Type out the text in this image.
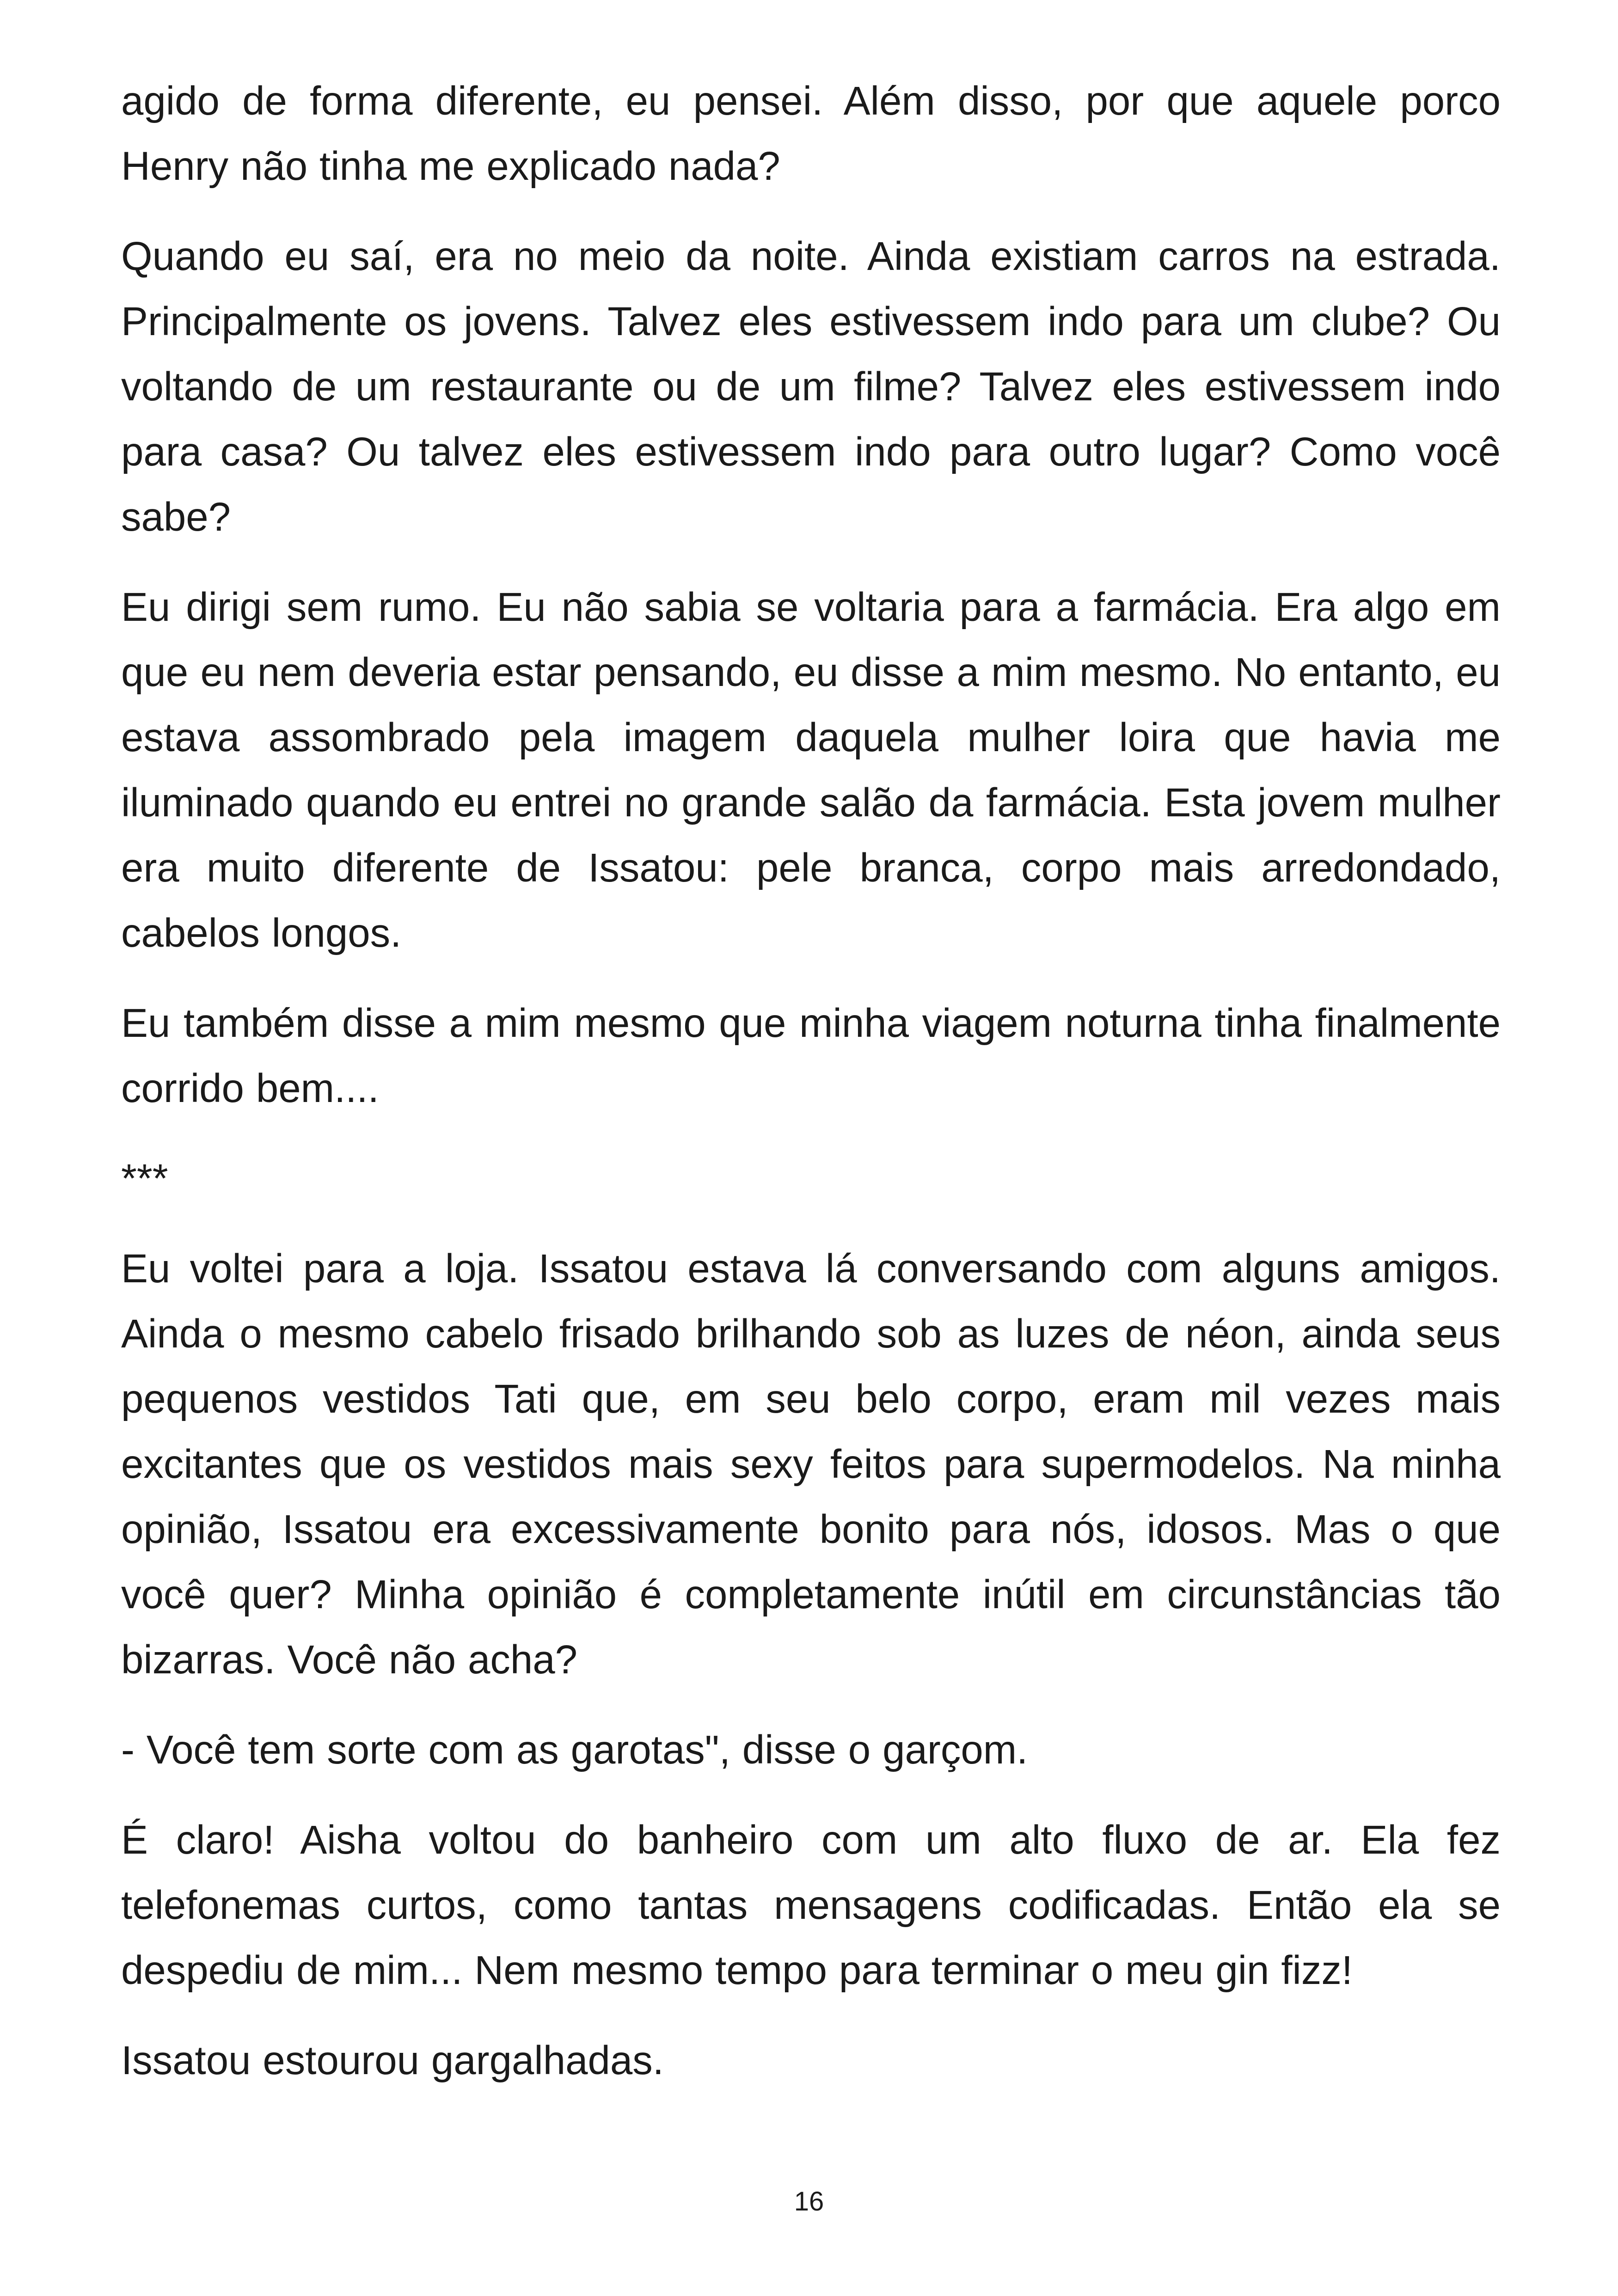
agido de forma diferente, eu pensei. Além disso, por que aquele porco Henry não tinha me explicado nada?

Quando eu saí, era no meio da noite. Ainda existiam carros na estrada. Principalmente os jovens. Talvez eles estivessem indo para um clube? Ou voltando de um restaurante ou de um filme? Talvez eles estivessem indo para casa? Ou talvez eles estivessem indo para outro lugar? Como você sabe?

Eu dirigi sem rumo. Eu não sabia se voltaria para a farmácia. Era algo em que eu nem deveria estar pensando, eu disse a mim mesmo. No entanto, eu estava assombrado pela imagem daquela mulher loira que havia me iluminado quando eu entrei no grande salão da farmácia. Esta jovem mulher era muito diferente de Issatou: pele branca, corpo mais arredondado, cabelos longos.

Eu também disse a mim mesmo que minha viagem noturna tinha finalmente corrido bem....

***

Eu voltei para a loja. Issatou estava lá conversando com alguns amigos. Ainda o mesmo cabelo frisado brilhando sob as luzes de néon, ainda seus pequenos vestidos Tati que, em seu belo corpo, eram mil vezes mais excitantes que os vestidos mais sexy feitos para supermodelos. Na minha opinião, Issatou era excessivamente bonito para nós, idosos. Mas o que você quer? Minha opinião é completamente inútil em circunstâncias tão bizarras. Você não acha?

- Você tem sorte com as garotas", disse o garçom.

É claro! Aisha voltou do banheiro com um alto fluxo de ar. Ela fez telefonemas curtos, como tantas mensagens codificadas. Então ela se despediu de mim... Nem mesmo tempo para terminar o meu gin fizz!

Issatou estourou gargalhadas.

16
